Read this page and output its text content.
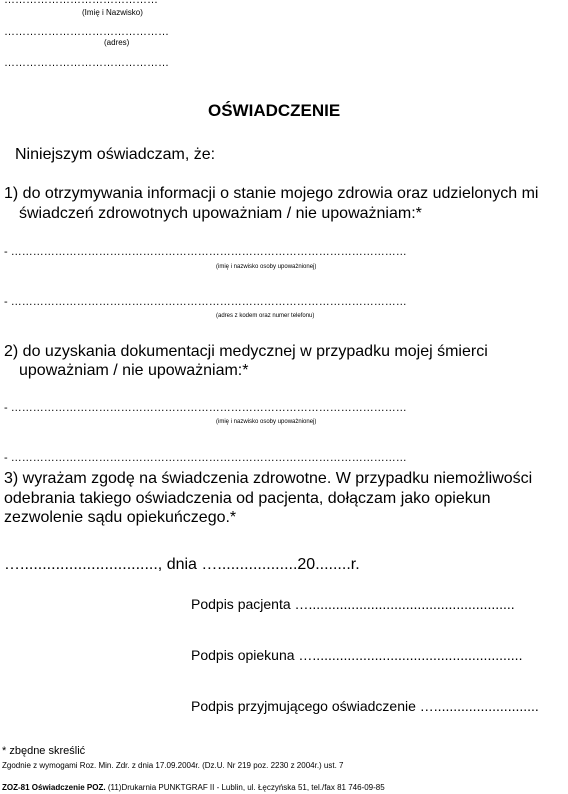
……………………………………
(Imię i Nazwisko)
………………………………………
(adres)
………………………………………
OŚWIADCZENIE
Niniejszym oświadczam, że:
1) do otrzymywania informacji o stanie mojego zdrowia oraz udzielonych mi
świadczeń zdrowotnych upoważniam / nie upoważniam:*
- ………………………………………………………………………………………………
(imię i nazwisko osoby upoważnionej)
- ………………………………………………………………………………………………
(adres z kodem oraz numer telefonu)
2) do uzyskania dokumentacji medycznej w przypadku mojej śmierci
upoważniam / nie upoważniam:*
- ………………………………………………………………………………………………
(imię i nazwisko osoby upoważnionej)
- ………………………………………………………………………………………………
3) wyrażam zgodę na świadczenia zdrowotne. W przypadku niemożliwości
odebrania takiego oświadczenia od pacjenta, dołączam jako opiekun
zezwolenie sądu opiekuńczego.*
…..............................., dnia …..................20........r.
Podpis pacjenta ….....................................................
Podpis opiekuna …......................................................
Podpis przyjmującego oświadczenie …...........................
* zbędne skreślić
Zgodnie z wymogami Roz. Min. Zdr. z dnia 17.09.2004r. (Dz.U. Nr 219 poz. 2230 z 2004r.) ust. 7
ZOZ-81 Oświadczenie POZ. (11)Drukarnia PUNKTGRAF II - Lublin, ul. Łęczyńska 51, tel./fax 81 746-09-85
